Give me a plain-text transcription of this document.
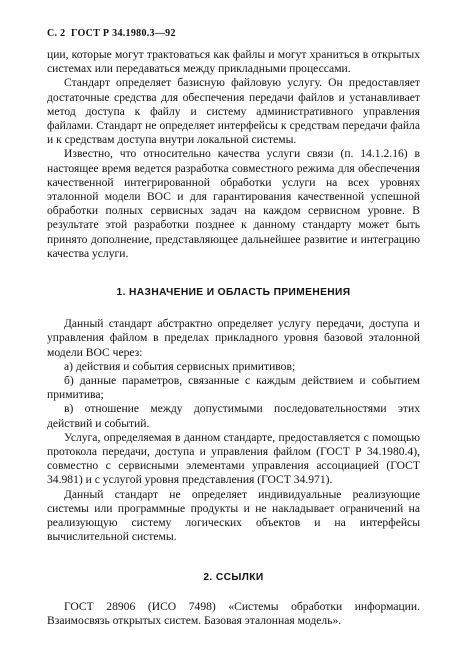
С. 2 ГОСТ Р 34.1980.3—92

ции, которые могут трактоваться как файлы и могут храниться в открытых системах или передаваться между прикладными процессами.

Стандарт определяет базисную файловую услугу. Он предоставляет достаточные средства для обеспечения передачи файлов и устанавливает метод доступа к файлу и систему административного управления файлами. Стандарт не определяет интерфейсы к средствам передачи файла и к средствам доступа внутри локальной системы.

Известно, что относительно качества услуги связи (п. 14.1.2.16) в настоящее время ведется разработка совместного режима для обеспечения качественной интегрированной обработки услуги на всех уровнях эталонной модели ВОС и для гарантирования качественной успешной обработки полных сервисных задач на каждом сервисном уровне. В результате этой разработки позднее к данному стандарту может быть принято дополнение, представляющее дальнейшее развитие и интеграцию качества услуги.

1. НАЗНАЧЕНИЕ И ОБЛАСТЬ ПРИМЕНЕНИЯ

Данный стандарт абстрактно определяет услугу передачи, доступа и управления файлом в пределах прикладного уровня базовой эталонной модели ВОС через:

а) действия и события сервисных примитивов;

б) данные параметров, связанные с каждым действием и событием примитива;

в) отношение между допустимыми последовательностями этих действий и событий.

Услуга, определяемая в данном стандарте, предоставляется с помощью протокола передачи, доступа и управления файлом (ГОСТ Р 34.1980.4), совместно с сервисными элементами управления ассоциацией (ГОСТ 34.981) и с услугой уровня представления (ГОСТ 34.971).

Данный стандарт не определяет индивидуальные реализующие системы или программные продукты и не накладывает ограничений на реализующую систему логических объектов и на интерфейсы вычислительной системы.

2. ССЫЛКИ

ГОСТ 28906 (ИСО 7498) «Системы обработки информации. Взаимосвязь открытых систем. Базовая эталонная модель».
